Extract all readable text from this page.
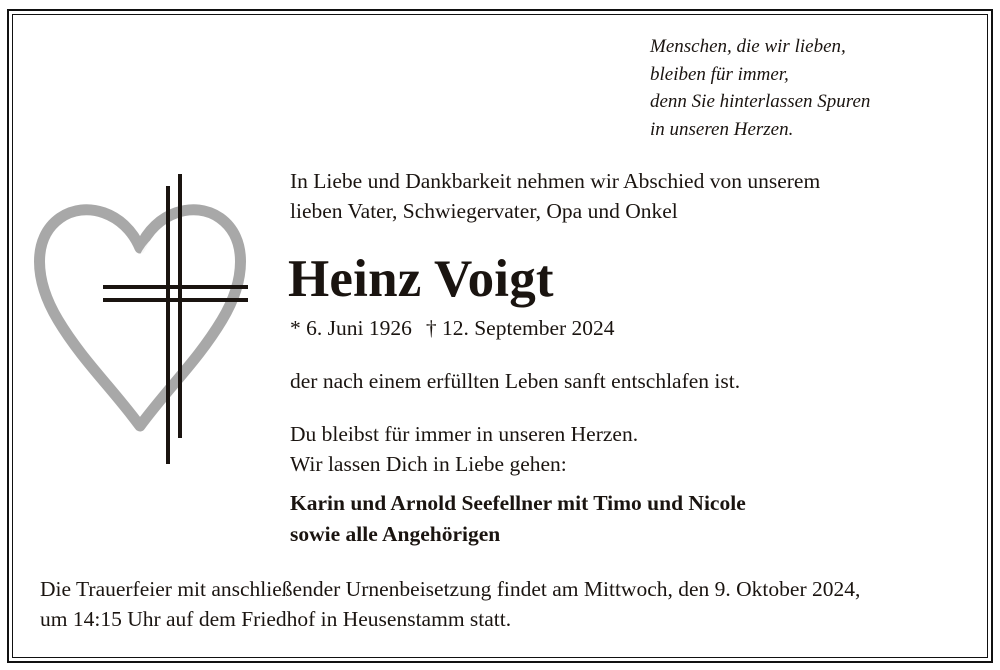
Menschen, die wir lieben,
bleiben für immer,
denn Sie hinterlassen Spuren
in unseren Herzen.
In Liebe und Dankbarkeit nehmen wir Abschied von unserem
lieben Vater, Schwiegervater, Opa und Onkel
Heinz Voigt
* 6. Juni 1926 † 12. September 2024
der nach einem erfüllten Leben sanft entschlafen ist.
Du bleibst für immer in unseren Herzen.
Wir lassen Dich in Liebe gehen:
Karin und Arnold Seefellner mit Timo und Nicole
sowie alle Angehörigen
Die Trauerfeier mit anschließender Urnenbeisetzung findet am Mittwoch, den 9. Oktober 2024,
um 14:15 Uhr auf dem Friedhof in Heusenstamm statt.
